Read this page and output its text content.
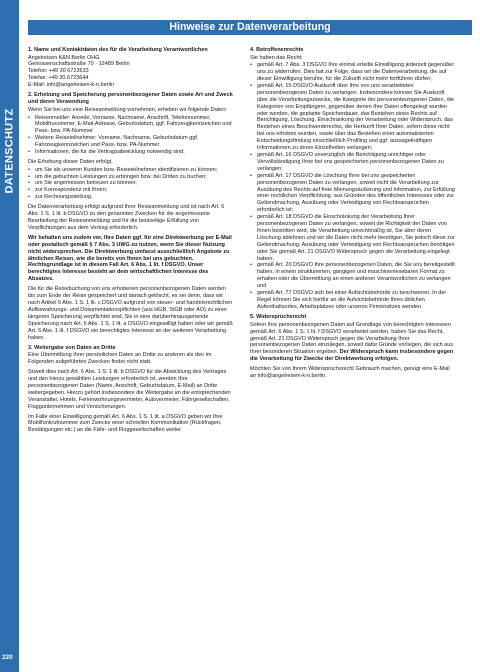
DATENSCHUTZ
220
Hinweise zur Datenverarbeitung
1. Name und Kontaktdaten des für die Verarbeitung Verantwortlichen
Angelreisen K&N.Berlin OHG
Genossenschaftsstraße 70 · 12489 Berlin
Telefon: +49 30 6723633
Telefax: +49 30 6723644
E-Mail: info@angelreisen-k-n.berlin
2. Erhebung und Speicherung personenbezogener Daten sowie Art und Zweck und deren Verwendung
Wenn Sie bei uns eine Reiseanmeldung vornehmen, erheben wir folgende Daten:
• Reisenmelder: Anrede, Vorname, Nachname, Anschrift, Telefonnummer, Mobilfrunummer, E-Mail-Adresse, Geburtsdatum, ggf. Fahrzeugkennzeichen und Pass- bzw. PA-Nummer
• Weitere Reiseteilnehmer: Vorname, Nachname, Geburtsdatum ggf. Fahrzeugkennzeichen und Pass- bzw. PA-Nummer
• Informationen, die für die Vertragsabwicklung notwendig sind.
Die Erhebung dieser Daten erfolgt,
• um Sie als unseren Kunden bzw. Reiseteilnehmer identifizieren zu können;
• um die gebuchten Leistungen zu erbringen bzw. bei Dritten zu buchen;
• um Sie angemessen betreuen zu können;
• zur Korrespondenz mit Ihnen;
• zur Rechnungsstellung.
Die Datenverarbeitung erfolgt aufgrund Ihrer Reiseanmeldung und ist nach Art. 6 Abs. 1 S. 1 lit. b DSGVO zu den genannten Zwecken für die angemessene Bearbeitung der Reiseanmeldung und für die beidseitige Erfüllung von Verpflichtungen aus dem Vertrag erforderlich.
Wir behalten uns zudem vor, Ihre Daten ggf. für eine Direktwerbung per E-Mail oder postalisch gemäß § 7 Abs. 3 UWG zu nutzen, wenn Sie dieser Nutzung nicht widersprechen. Die Direktwerbung umfasst ausschließlich Angebote zu ähnlichen Reisen, wie die bereits von Ihnen bei uns gebuchten. Rechtsgrundlage ist in diesem Fall Art. 6 Abs. 1 lit. f DSGVO. Unser berechtigtes Interesse besteht an dem wirtschaftlichen Interesse des Absatzes.
Die für die Reisebuchung von uns erhobenen personenbezogenen Daten werden bis zum Ende der Reise gespeichert und danach gelöscht, es sei denn, dass wir nach Artikel 6 Abs. 1 S. 1 lit. c DSGVO aufgrund von steuer- und handelsrechtlichen Aufbewahrungs- und Dokumentationspflichten (aus HGB, StGB oder AO) zu einer längeren Speicherung verpflichtet sind, Sie in eine darüberhinausgehende Speicherung nach Art. 6 Abs. 1 S. 1 lit. a DSGVO eingewilligt haben oder wir gemäß Art. 6 Abs. 1 lit. f DSGVO ein berechtigtes Interesse an der weiteren Verarbeitung haben.
3. Weitergabe von Daten an Dritte
Eine Übermittlung Ihrer persönlichen Daten an Dritte zu anderen als den im Folgenden aufgeführten Zwecken findet nicht statt.
Soweit dies nach Art. 6 Abs. 1 S. 1 lit. b DSGVO für die Abwicklung des Vertrages und den hierzu gewählten Leistungen erforderlich ist, werden Ihre personenbezogenen Daten (Name, Anschrift, Geburtsdatum, E-Mail) an Dritte weitergegeben. Hierzu gehört insbesondere die Weitergabe an die entsprechenden Veranstalter, Hotels, Ferienwohnungsvermieter, Autovermieter, Fährgesellschaften, Fluggunternehmen und Versicherungen.
Im Falle einer Einwilligung gemäß Art. 6 Abs. 1 S. 1 lit. a DSGVO geben wir Ihre Mobilfunkrufnummer zum Zwecke einer schnellen Kommunikation (Rückfragen, Bestätigungen etc.) an die Fähr- und Fluggesellschaften weiter.
4. Betroffenenrechte
Sie haben das Recht:
• gemäß Art. 7 Abs. 3 DSGVO Ihre einmal erteilte Einwilligung jederzeit gegenüber uns zu widerrufen. Dies hat zur Folge, dass wir die Datenverarbeitung, die auf dieser Einwilligung beruhte, für die Zukunft nicht mehr fortführen dürfen;
• gemäß Art. 15 DSGVO Auskunft über Ihre von uns verarbeiteten personenbezogenen Daten zu verlangen. Insbesondere können Sie Auskunft über die Verarbeitungszwecke, die Kategorie der personenbezogenen Daten, die Kategorien von Empfängern, gegenüber denen Ihre Daten offengelegt wurden oder werden, die geplante Speicherdauer, das Bestehen eines Rechts auf Berichtigung, Löschung, Einschränkung der Verarbeitung oder Widerspruch, das Bestehen eines Beschwerderechts, die Herkunft Ihrer Daten, sofern diese nicht bei uns erhoben wurden, sowie über das Bestehen einer automatisierten Entscheidungsfindung einschließlich Profiling und ggf. aussagekräftigen Informationen zu deren Einzelheiten verlangen;
• gemäß Art. 16 DSGVO unverzüglich die Berichtigung unrichtiger oder Vervollständigung Ihrer bei uns gespeicherten personenbezogenen Daten zu verlangen;
• gemäß Art. 17 DSGVO die Löschung Ihrer bei uns gespeicherten personenbezogenen Daten zu verlangen, soweit nicht die Verarbeitung zur Ausübung des Rechts auf freie Meinungsäußerung und Information, zur Erfüllung einer rechtlichen Verpflichtung, aus Gründen des öffentlichen Interesses oder zur Geltendmachung, Ausübung oder Verteidigung von Rechtsansprüchen erforderlich ist;
• gemäß Art. 18 DSGVO die Einschränkung der Verarbeitung Ihrer personenbezogenen Daten zu verlangen, soweit die Richtigkeit der Daten von Ihnen bestritten wird, die Verarbeitung unrechtmäßig ist, Sie aber deren Löschung ablehnen und wir die Daten nicht mehr benötigen, Sie jedoch diese zur Geltendmachung, Ausübung oder Verteidigung von Rechtsansprüchen benötigen oder Sie gemäß Art. 21 DSGVO Widerspruch gegen die Verarbeitung eingelegt haben;
• gemäß Art. 20 DSGVO Ihre personenbezogenen Daten, die Sie uns bereitgestellt haben, in einem strukturierten, gängigen und maschinenlesebaren Format zu erhalten oder die Übermittlung an einen anderen Verantwortlichen zu verlangen und
• gemäß Art. 77 DSGVO sich bei einer Aufsichtsbehörde zu beschweren. In der Regel können Sie sich hierfür an die Aufsichtsbehörde Ihres üblichen Aufenthaltsortes, Arbeitsplatzes oder unseres Firmensitzes wenden.
5. Widerspruchsrecht
Sofern Ihre personenbezogenen Daten auf Grundlage von berechtigten Interessen gemäß Art. 6 Abs. 1 S. 1 lit. f DSGVO verarbeitet werden, haben Sie das Recht, gemäß Art. 21 DSGVO Widerspruch gegen die Verarbeitung Ihrer personenbezogenen Daten einzulegen, soweit dafür Gründe vorliegen, die sich aus Ihrer besonderen Situation ergeben. Der Widerspruch kann insbesondere gegen die Verarbeitung für Zwecke der Direktwerbung erfolgen.
Möchten Sie von Ihrem Widerspruchsrecht Gebrauch machen, genügt eine E-Mail an info@angelreisen-k-n.berlin.
